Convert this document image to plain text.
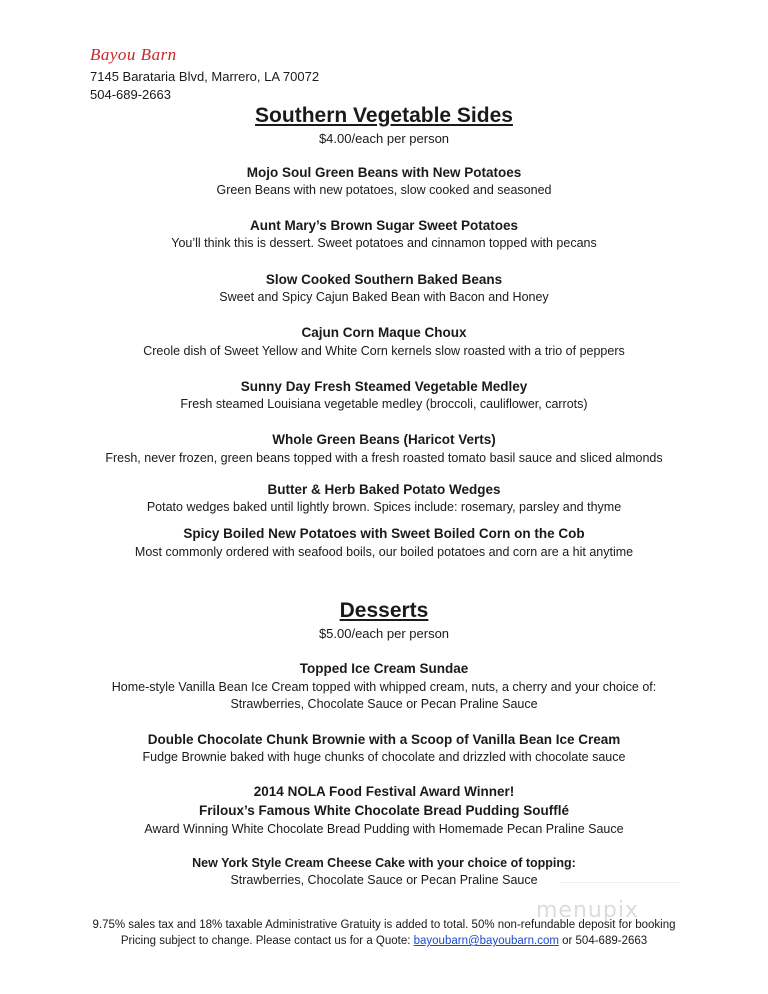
Bayou Barn
7145 Barataria Blvd, Marrero, LA 70072
504-689-2663
Southern Vegetable Sides
$4.00/each per person
Mojo Soul Green Beans with New Potatoes
Green Beans with new potatoes, slow cooked and seasoned
Aunt Mary’s Brown Sugar Sweet Potatoes
You’ll think this is dessert. Sweet potatoes and cinnamon topped with pecans
Slow Cooked Southern Baked Beans
Sweet and Spicy Cajun Baked Bean with Bacon and Honey
Cajun Corn Maque Choux
Creole dish of Sweet Yellow and White Corn kernels slow roasted with a trio of peppers
Sunny Day Fresh Steamed Vegetable Medley
Fresh steamed Louisiana vegetable medley (broccoli, cauliflower, carrots)
Whole Green Beans (Haricot Verts)
Fresh, never frozen, green beans topped with a fresh roasted tomato basil sauce and sliced almonds
Butter & Herb Baked Potato Wedges
Potato wedges baked until lightly brown. Spices include: rosemary, parsley and thyme
Spicy Boiled New Potatoes with Sweet Boiled Corn on the Cob
Most commonly ordered with seafood boils, our boiled potatoes and corn are a hit anytime
Desserts
$5.00/each per person
Topped Ice Cream Sundae
Home-style Vanilla Bean Ice Cream topped with whipped cream, nuts, a cherry and your choice of:
Strawberries, Chocolate Sauce or Pecan Praline Sauce
Double Chocolate Chunk Brownie with a Scoop of Vanilla Bean Ice Cream
Fudge Brownie baked with huge chunks of chocolate and drizzled with chocolate sauce
2014 NOLA Food Festival Award Winner!
Friloux’s Famous White Chocolate Bread Pudding Soufflé
Award Winning White Chocolate Bread Pudding with Homemade Pecan Praline Sauce
New York Style Cream Cheese Cake with your choice of topping:
Strawberries, Chocolate Sauce or Pecan Praline Sauce
menupix
9.75% sales tax and 18% taxable Administrative Gratuity is added to total. 50% non-refundable deposit for booking
Pricing subject to change. Please contact us for a Quote: bayoubarn@bayoubarn.com or 504-689-2663
